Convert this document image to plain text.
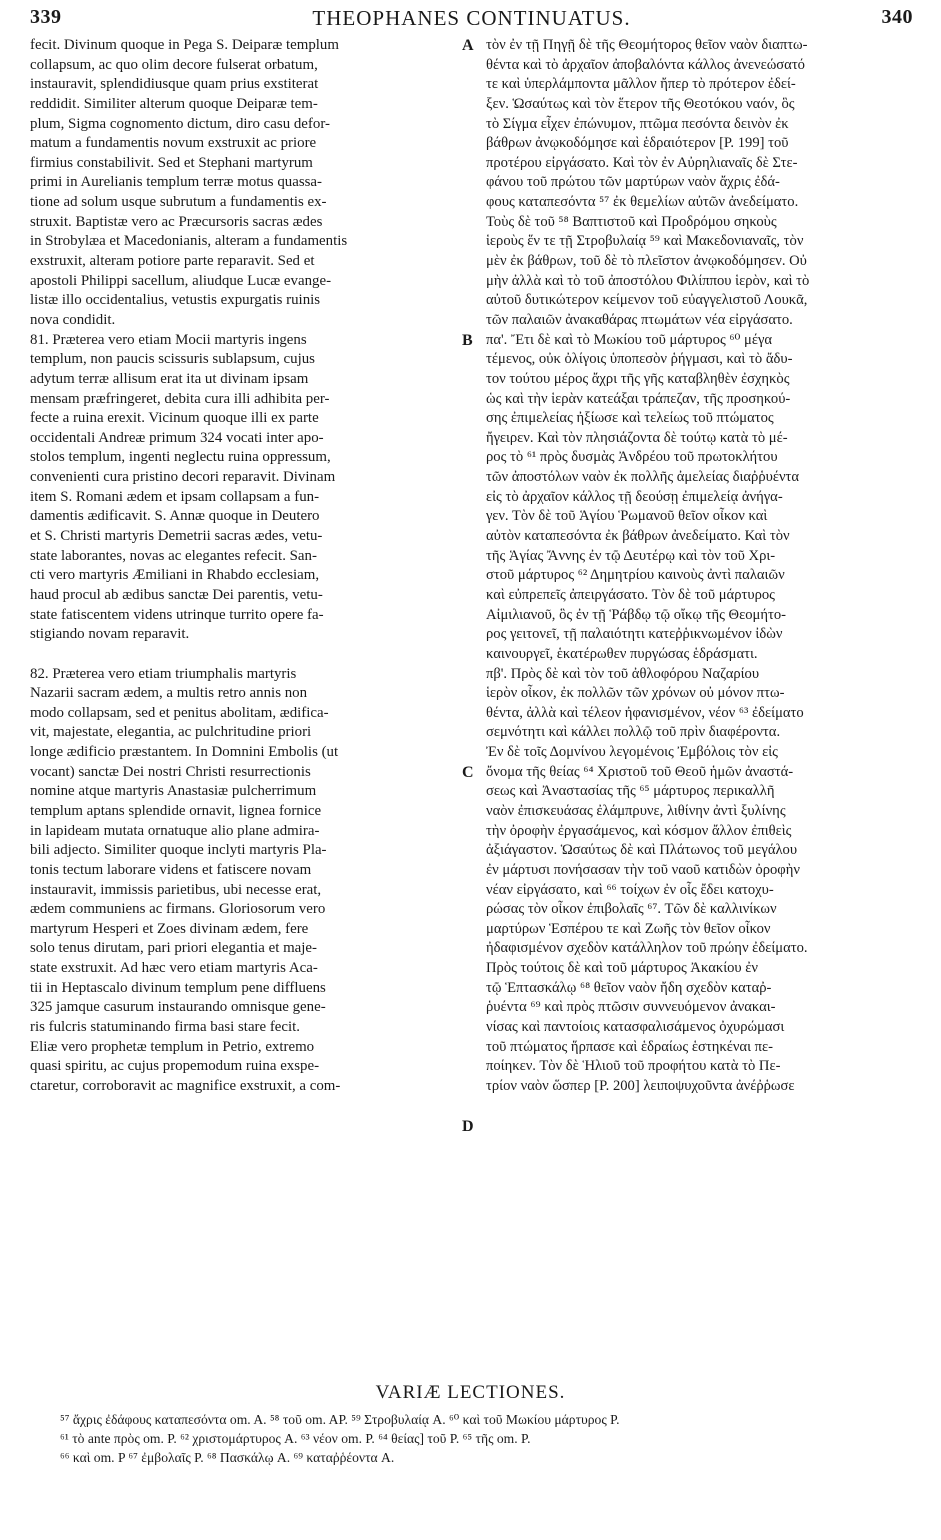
339	THEOPHANES CONTINUATUS.	340
fecit. Divinum quoque in Pega S. Deiparæ templum
collapsum, ac quo olim decore fulserat orbatum,
instauravit, splendidiusque quam prius exstiterat
reddidit. Similiter alterum quoque Deiparæ tem-
plum, Sigma cognomento dictum, diro casu defor-
matum a fundamentis novum exstruxit ac priore
firmius constabilivit. Sed et Stephani martyrum
primi in Aurelianis templum terræ motus quassa-
tione ad solum usque subrutum a fundamentis ex-
struxit. Baptistæ vero ac Præcursoris sacras ædes
in Strobylæa et Macedonianis, alteram a fundamentis
exstruxit, alteram potiore parte reparavit. Sed et
apostoli Philippi sacellum, aliudque Lucæ evange-
listæ illo occidentalius, vetustis expurgatis ruinis
nova condidit.
81. Præterea vero etiam Mocii martyris ingens
templum, non paucis scissuris sublapsum, cujus
adytum terræ allisum erat ita ut divinam ipsam
mensam præfringeret, debita cura illi adhibita per-
fecte a ruina erexit. Vicinum quoque illi ex parte
occidentali Andreæ primum 324 vocati inter apo-
stolos templum, ingenti neglectu ruina oppressum,
convenienti cura pristino decori reparavit. Divinam
item S. Romani ædem et ipsam collapsam a fun-
damentis ædificavit. S. Annæ quoque in Deutero
et S. Christi martyris Demetrii sacras ædes, vetu-
state laborantes, novas ac elegantes refecit. San-
cti vero martyris Æmiliani in Rhabdo ecclesiam,
haud procul ab ædibus sanctæ Dei parentis, vetu-
state fatiscentem videns utrinque turrito opere fa-
stigiando novam reparavit.
82. Præterea vero etiam triumphalis martyris
Nazarii sacram ædem, a multis retro annis non
modo collapsam, sed et penitus abolitam, ædifica-
vit, majestate, elegantia, ac pulchritudine priori
longe ædificio præstantem. In Domnini Embolis (ut
vocant) sanctæ Dei nostri Christi resurrectionis
nomine atque martyris Anastasiæ pulcherrimum
templum aptans splendide ornavit, lignea fornice
in lapideam mutata ornatuque alio plane admira-
bili adjecto. Similiter quoque inclyti martyris Pla-
tonis tectum laborare videns et fatiscere novam
instauravit, immissis parietibus, ubi necesse erat,
ædem communiens ac firmans. Gloriosorum vero
martyrum Hesperi et Zoes divinam ædem, fere
solo tenus dirutam, pari priori elegantia et maje-
state exstruxit. Ad hæc vero etiam martyris Aca-
tii in Heptascalo divinum templum pene diffluens
325 jamque casurum instaurando omnisque gene-
ris fulcris statuminando firma basi stare fecit.
Eliæ vero prophetæ templum in Petrio, extremo
quasi spiritu, ac cujus propemodum ruina exspe-
ctaretur, corroboravit ac magnifice exstruxit, a com-
A
B
C
D
τὸν ἐν τῇ Πηγῇ δὲ τῆς Θεομήτορος θεῖον ναὸν διαπτω-
θέντα καὶ τὸ ἀρχαῖον ἀποβαλόντα κάλλος ἀνενεώσατό
τε καὶ ὑπερλάμποντα μᾶλλον ἤπερ τὸ πρότερον ἐδεί-
ξεν. Ὡσαύτως καὶ τὸν ἕτερον τῆς Θεοτόκου ναόν, ὃς
τὸ Σίγμα εἶχεν ἐπώνυμον, πτῶμα πεσόντα δεινὸν ἐκ
βάθρων ἀνῳκοδόμησε καὶ ἑδραιότερον [P. 199] τοῦ
προτέρου εἰργάσατο. Καὶ τὸν ἐν Αὐρηλιαναῖς δὲ Στε-
φάνου τοῦ πρώτου τῶν μαρτύρων ναὸν ἄχρις ἐδά-
φους καταπεσόντα ⁵⁷ ἐκ θεμελίων αὐτῶν ἀνεδείματο.
Τοὺς δὲ τοῦ ⁵⁸ Βαπτιστοῦ καὶ Προδρόμου σηκοὺς
ἱεροὺς ἕν τε τῇ Στροβυλαίᾳ ⁵⁹ καὶ Μακεδονιαναῖς, τὸν
μὲν ἐκ βάθρων, τοῦ δὲ τὸ πλεῖστον ἀνῳκοδόμησεν. Οὐ
μὴν ἀλλὰ καὶ τὸ τοῦ ἀποστόλου Φιλίππου ἱερὸν, καὶ τὸ
αὐτοῦ δυτικώτερον κείμενον τοῦ εὐαγγελιστοῦ Λουκᾶ,
τῶν παλαιῶν ἀνακαθάρας πτωμάτων νέα εἰργάσατο.
πα'. Ἔτι δὲ καὶ τὸ Μωκίου τοῦ μάρτυρος ⁶⁰ μέγα
τέμενος, οὐκ ὀλίγοις ὑποπεσὸν ῥήγμασι, καὶ τὸ ἄδυ-
τον τούτου μέρος ἄχρι τῆς γῆς καταβληθὲν ἐσχηκὸς
ὡς καὶ τὴν ἱερὰν κατεάξαι τράπεζαν, τῆς προσηκού-
σης ἐπιμελείας ἠξίωσε καὶ τελείως τοῦ πτώματος
ἤγειρεν. Καὶ τὸν πλησιάζοντα δὲ τούτῳ κατὰ τὸ μέ-
ρος τὸ ⁶¹ πρὸς δυσμὰς Ἀνδρέου τοῦ πρωτοκλήτου
τῶν ἀποστόλων ναὸν ἐκ πολλῆς ἀμελείας διαῤῥυέντα
εἰς τὸ ἀρχαῖον κάλλος τῇ δεούσῃ ἐπιμελείᾳ ἀνήγα-
γεν. Τὸν δὲ τοῦ Ἁγίου Ῥωμανοῦ θεῖον οἶκον καὶ
αὐτὸν καταπεσόντα ἐκ βάθρων ἀνεδείματο. Καὶ τὸν
τῆς Ἁγίας Ἄννης ἐν τῷ Δευτέρῳ καὶ τὸν τοῦ Χρι-
στοῦ μάρτυρος ⁶² Δημητρίου καινοὺς ἀντὶ παλαιῶν
καὶ εὐπρεπεῖς ἀπειργάσατο. Τὸν δὲ τοῦ μάρτυρος
Αἰμιλιανοῦ, ὃς ἐν τῇ Ῥάβδῳ τῷ οἴκῳ τῆς Θεομήτο-
ρος γειτονεῖ, τῇ παλαιότητι κατεῤῥικνωμένον ἰδὼν
καινουργεῖ, ἑκατέρωθεν πυργώσας ἑδράσματι.
πβ'. Πρὸς δὲ καὶ τὸν τοῦ ἀθλοφόρου Ναζαρίου
ἱερὸν οἶκον, ἐκ πολλῶν τῶν χρόνων οὐ μόνον πτω-
θέντα, ἀλλὰ καὶ τέλεον ἠφανισμένον, νέον ⁶³ ἐδείματο
σεμνότητι καὶ κάλλει πολλῷ τοῦ πρὶν διαφέροντα.
Ἐν δὲ τοῖς Δομνίνου λεγομένοις Ἐμβόλοις τὸν εἰς
ὄνομα τῆς θείας ⁶⁴ Χριστοῦ τοῦ Θεοῦ ἡμῶν ἀναστά-
σεως καὶ Ἀναστασίας τῆς ⁶⁵ μάρτυρος περικαλλῆ
ναὸν ἐπισκευάσας ἐλάμπρυνε, λιθίνην ἀντὶ ξυλίνης
τὴν ὀροφὴν ἐργασάμενος, καὶ κόσμον ἄλλον ἐπιθεὶς
ἀξιάγαστον. Ὡσαύτως δὲ καὶ Πλάτωνος τοῦ μεγάλου
ἐν μάρτυσι πονήσασαν τὴν τοῦ ναοῦ κατιδὼν ὀροφὴν
νέαν εἰργάσατο, καὶ ⁶⁶ τοίχων ἐν οἷς ἔδει κατοχυ-
ρώσας τὸν οἶκον ἐπιβολαῖς ⁶⁷. Τῶν δὲ καλλινίκων
μαρτύρων Ἑσπέρου τε καὶ Ζωῆς τὸν θεῖον οἶκον
ἠδαφισμένον σχεδὸν κατάλληλον τοῦ πρώην ἐδείματο.
Πρὸς τούτοις δὲ καὶ τοῦ μάρτυρος Ἀκακίου ἐν
τῷ Ἑπτασκάλῳ ⁶⁸ θεῖον ναὸν ἤδη σχεδὸν καταῤ-
ῥυέντα ⁶⁹ καὶ πρὸς πτῶσιν συννευόμενον ἀνακαι-
νίσας καὶ παντοίοις κατασφαλισάμενος ὀχυρώμασι
τοῦ πτώματος ἥρπασε καὶ ἑδραίως ἑστηκέναι πε-
ποίηκεν. Τὸν δὲ Ἡλιοῦ τοῦ προφήτου κατὰ τὸ Πε-
τρίον ναὸν ὥσπερ [P. 200] λειποψυχοῦντα ἀνέῤῥωσε
VARIÆ LECTIONES.
⁵⁷ ἄχρις ἐδάφους καταπεσόντα om. A. ⁵⁸ τοῦ om. AP. ⁵⁹ Στροβυλαίᾳ A. ⁶⁰ καὶ τοῦ Μωκίου μάρτυρος P.
⁶¹ τὸ ante πρὸς om. P. ⁶² χριστομάρτυρος A. ⁶³ νέον om. P. ⁶⁴ θείας] τοῦ P. ⁶⁵ τῆς om. P.
⁶⁶ καὶ om. P ⁶⁷ ἐμβολαῖς P. ⁶⁸ Πασκάλῳ A. ⁶⁹ καταῤῥέοντα A.
